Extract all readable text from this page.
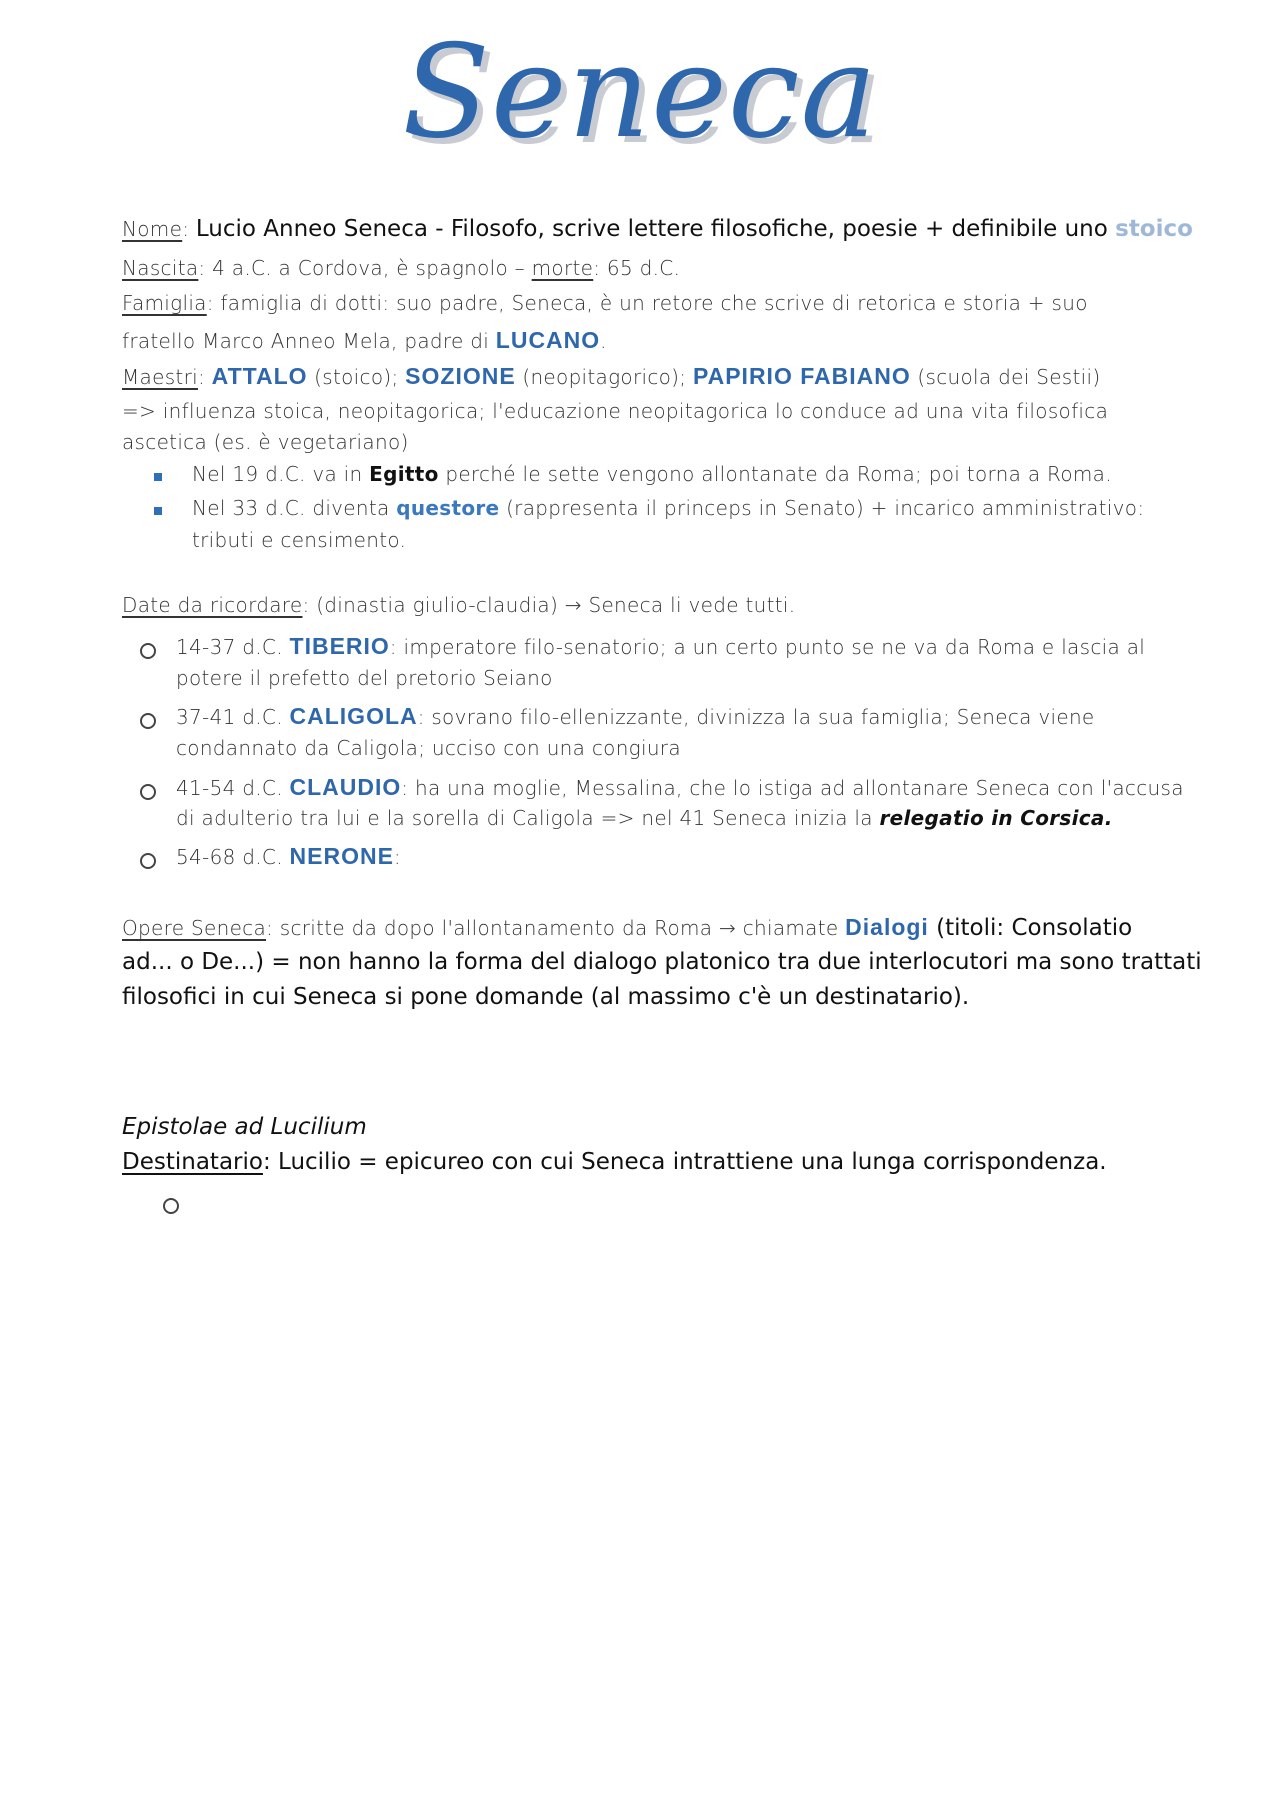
Seneca
Nome: Lucio Anneo Seneca - Filosofo, scrive lettere filosofiche, poesie + definibile uno stoico
Nascita: 4 a.C. a Cordova, è spagnolo – morte: 65 d.C.
Famiglia: famiglia di dotti: suo padre, Seneca, è un retore che scrive di retorica e storia + suo
fratello Marco Anneo Mela, padre di LUCANO.
Maestri: ATTALO (stoico); SOZIONE (neopitagorico); PAPIRIO FABIANO (scuola dei Sestii)
=> influenza stoica, neopitagorica; l'educazione neopitagorica lo conduce ad una vita filosofica
ascetica (es. è vegetariano)
Nel 19 d.C. va in Egitto perché le sette vengono allontanate da Roma; poi torna a Roma.
Nel 33 d.C. diventa questore (rappresenta il princeps in Senato) + incarico amministrativo:
tributi e censimento.
Date da ricordare: (dinastia giulio-claudia) → Seneca li vede tutti.
14-37 d.C. TIBERIO: imperatore filo-senatorio; a un certo punto se ne va da Roma e lascia al
potere il prefetto del pretorio Seiano
37-41 d.C. CALIGOLA: sovrano filo-ellenizzante, divinizza la sua famiglia; Seneca viene
condannato da Caligola; ucciso con una congiura
41-54 d.C. CLAUDIO: ha una moglie, Messalina, che lo istiga ad allontanare Seneca con l'accusa
di adulterio tra lui e la sorella di Caligola => nel 41 Seneca inizia la relegatio in Corsica.
54-68 d.C. NERONE:
Opere Seneca: scritte da dopo l'allontanamento da Roma → chiamate Dialogi (titoli: Consolatio
ad... o De...) = non hanno la forma del dialogo platonico tra due interlocutori ma sono trattati
filosofici in cui Seneca si pone domande (al massimo c'è un destinatario).
Epistolae ad Lucilium
Destinatario: Lucilio = epicureo con cui Seneca intrattiene una lunga corrispondenza.
